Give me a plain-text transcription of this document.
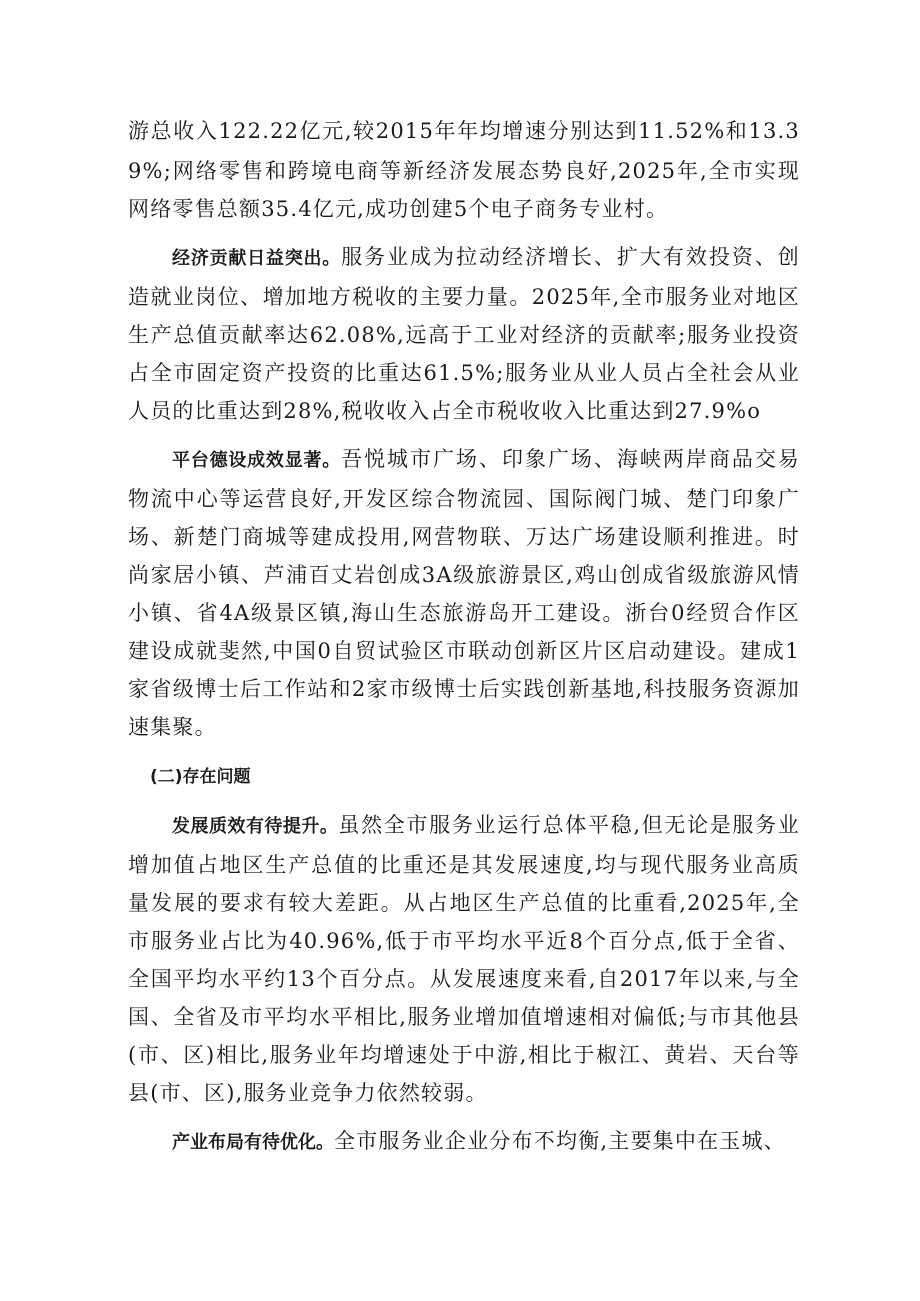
游总收入122.22亿元,较2015年年均增速分别达到11.52%和13.39%;网络零售和跨境电商等新经济发展态势良好,2025年,全市实现网络零售总额35.4亿元,成功创建5个电子商务专业村。

经济贡献日益突出。服务业成为拉动经济增长、扩大有效投资、创造就业岗位、增加地方税收的主要力量。2025年,全市服务业对地区生产总值贡献率达62.08%,远高于工业对经济的贡献率;服务业投资占全市固定资产投资的比重达61.5%;服务业从业人员占全社会从业人员的比重达到28%,税收收入占全市税收收入比重达到27.9%o

平台德设成效显著。吾悦城市广场、印象广场、海峡两岸商品交易物流中心等运营良好,开发区综合物流园、国际阀门城、楚门印象广场、新楚门商城等建成投用,网营物联、万达广场建设顺利推进。时尚家居小镇、芦浦百丈岩创成3A级旅游景区,鸡山创成省级旅游风情小镇、省4A级景区镇,海山生态旅游岛开工建设。浙台0经贸合作区建设成就斐然,中国0自贸试验区市联动创新区片区启动建设。建成1家省级博士后工作站和2家市级博士后实践创新基地,科技服务资源加速集聚。

(二)存在问题

发展质效有待提升。虽然全市服务业运行总体平稳,但无论是服务业增加值占地区生产总值的比重还是其发展速度,均与现代服务业高质量发展的要求有较大差距。从占地区生产总值的比重看,2025年,全市服务业占比为40.96%,低于市平均水平近8个百分点,低于全省、全国平均水平约13个百分点。从发展速度来看,自2017年以来,与全国、全省及市平均水平相比,服务业增加值增速相对偏低;与市其他县(市、区)相比,服务业年均增速处于中游,相比于椒江、黄岩、天台等县(市、区),服务业竞争力依然较弱。

产业布局有待优化。全市服务业企业分布不均衡,主要集中在玉城、
